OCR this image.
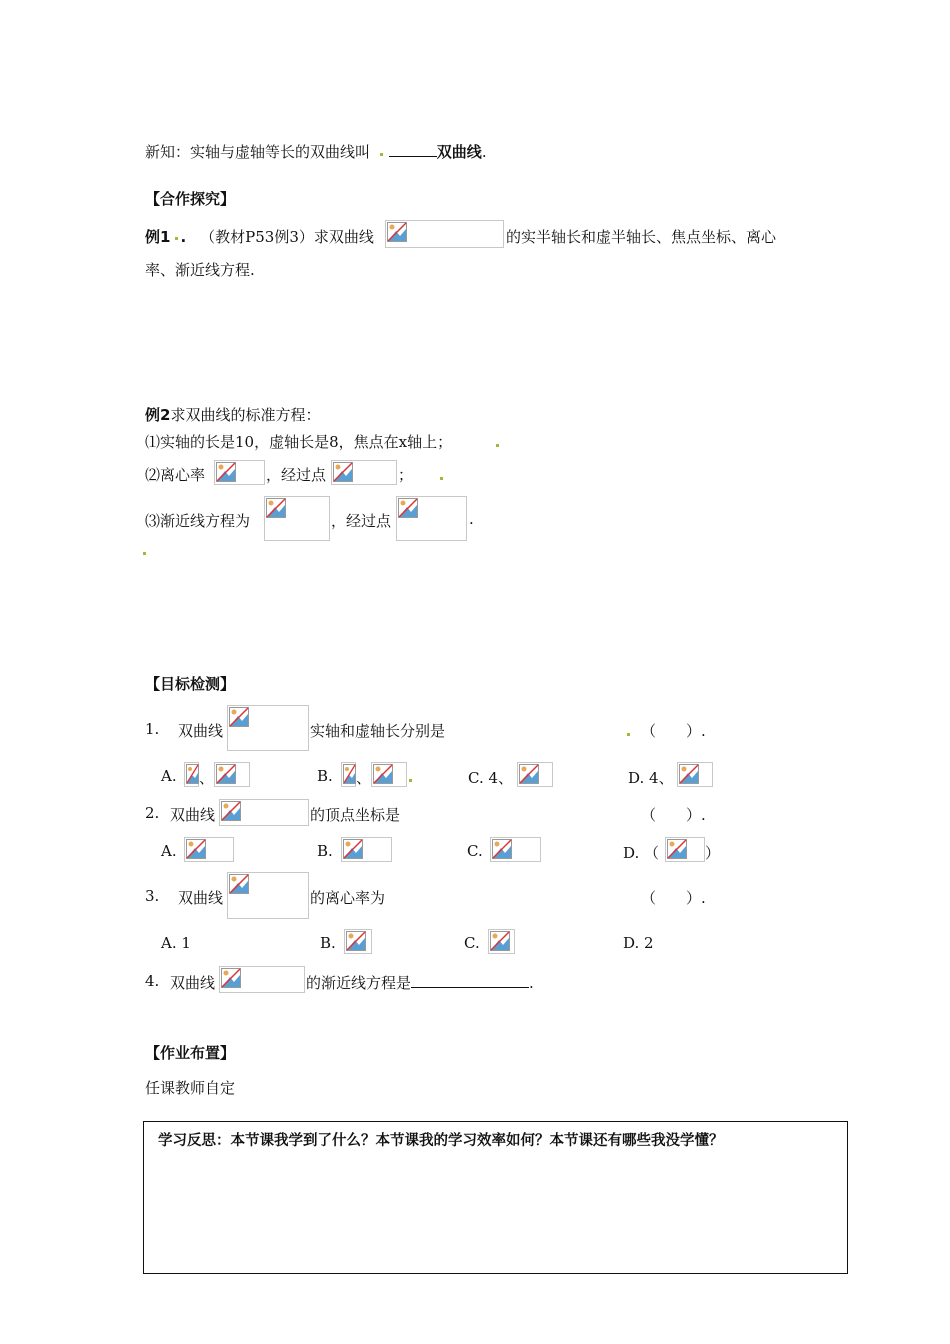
新知：实轴与虚轴等长的双曲线叫	双曲线.
【合作探究】
例1 . （教材P53例3）求双曲线	的实半轴长和虚半轴长、焦点坐标、离心
率、渐近线方程.
例2求双曲线的标准方程：
⑴实轴的长是10，虚轴长是8，焦点在x轴上；
⑵离心率	，经过点	；
⑶渐近线方程为	，经过点	.
【目标检测】
1. 双曲线	实轴和虚轴长分别是	（　　）.
A. 、	B. 、	C. 4、	D. 4、
2. 双曲线	的顶点坐标是	（　　）.
A.	B.	C.	D. （	）
3. 双曲线	的离心率为	（　　）.
A. 1	B.	C.	D. 2
4. 双曲线	的渐近线方程是	.
【作业布置】
任课教师自定
学习反思：本节课我学到了什么？本节课我的学习效率如何？本节课还有哪些我没学懂？
